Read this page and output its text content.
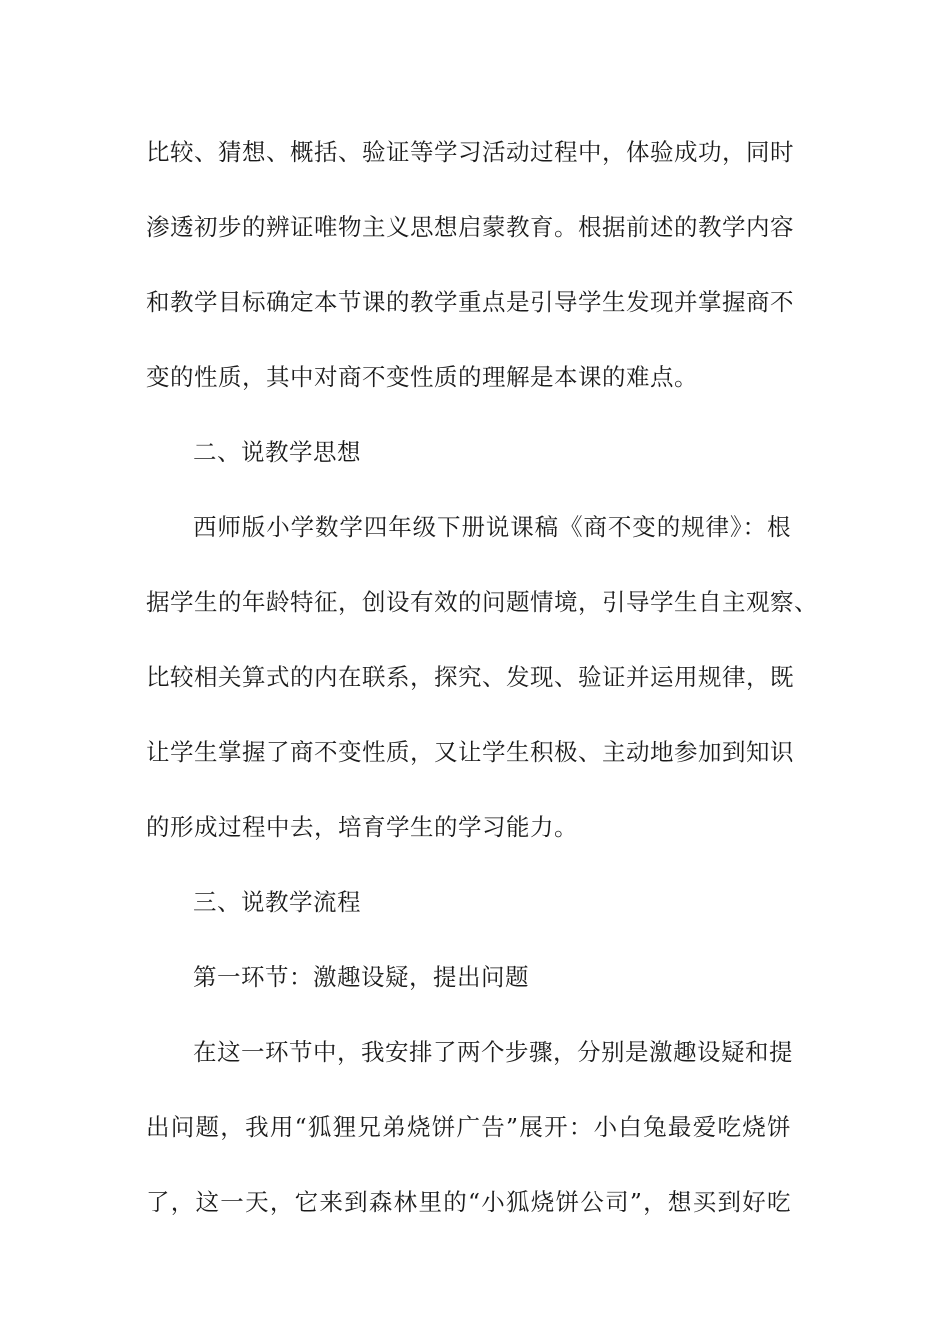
比较、猜想、概括、验证等学习活动过程中，体验成功，同时
渗透初步的辨证唯物主义思想启蒙教育。根据前述的教学内容
和教学目标确定本节课的教学重点是引导学生发现并掌握商不
变的性质，其中对商不变性质的理解是本课的难点。
二、说教学思想
西师版小学数学四年级下册说课稿《商不变的规律》：根
据学生的年龄特征，创设有效的问题情境，引导学生自主观察、
比较相关算式的内在联系，探究、发现、验证并运用规律，既
让学生掌握了商不变性质，又让学生积极、主动地参加到知识
的形成过程中去，培育学生的学习能力。
三、说教学流程
第一环节：激趣设疑，提出问题
在这一环节中，我安排了两个步骤，分别是激趣设疑和提
出问题，我用“狐狸兄弟烧饼广告”展开：小白兔最爱吃烧饼
了，这一天，它来到森林里的“小狐烧饼公司”，想买到好吃
